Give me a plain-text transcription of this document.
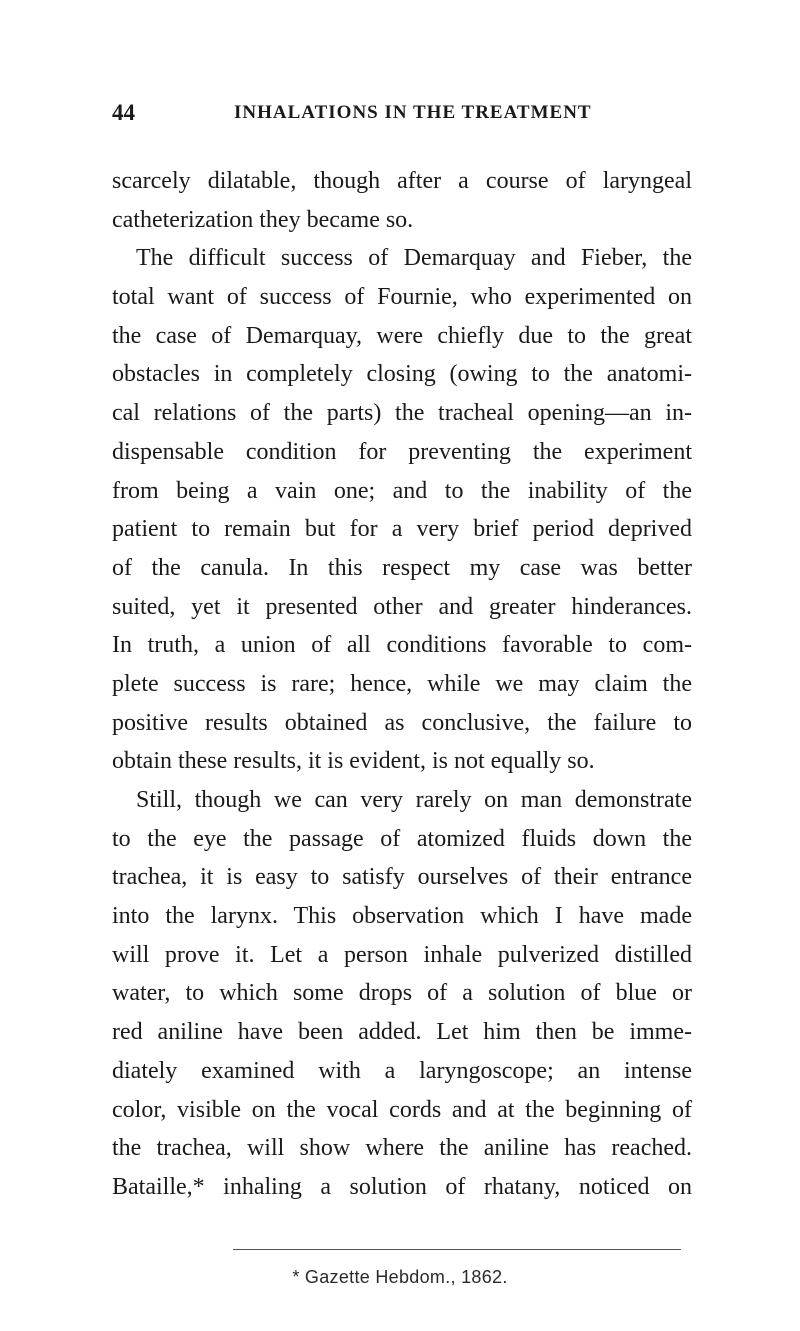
44	INHALATIONS IN THE TREATMENT
scarcely dilatable, though after a course of laryngeal
catheterization they became so.
The difficult success of Demarquay and Fieber, the
total want of success of Fournie, who experimented on
the case of Demarquay, were chiefly due to the great
obstacles in completely closing (owing to the anatomi-
cal relations of the parts) the tracheal opening—an in-
dispensable condition for preventing the experiment
from being a vain one; and to the inability of the
patient to remain but for a very brief period deprived
of the canula. In this respect my case was better
suited, yet it presented other and greater hinderances.
In truth, a union of all conditions favorable to com-
plete success is rare; hence, while we may claim the
positive results obtained as conclusive, the failure to
obtain these results, it is evident, is not equally so.
Still, though we can very rarely on man demonstrate
to the eye the passage of atomized fluids down the
trachea, it is easy to satisfy ourselves of their entrance
into the larynx. This observation which I have made
will prove it. Let a person inhale pulverized distilled
water, to which some drops of a solution of blue or
red aniline have been added. Let him then be imme-
diately examined with a laryngoscope; an intense
color, visible on the vocal cords and at the beginning of
the trachea, will show where the aniline has reached.
Bataille,* inhaling a solution of rhatany, noticed on
* Gazette Hebdom., 1862.
